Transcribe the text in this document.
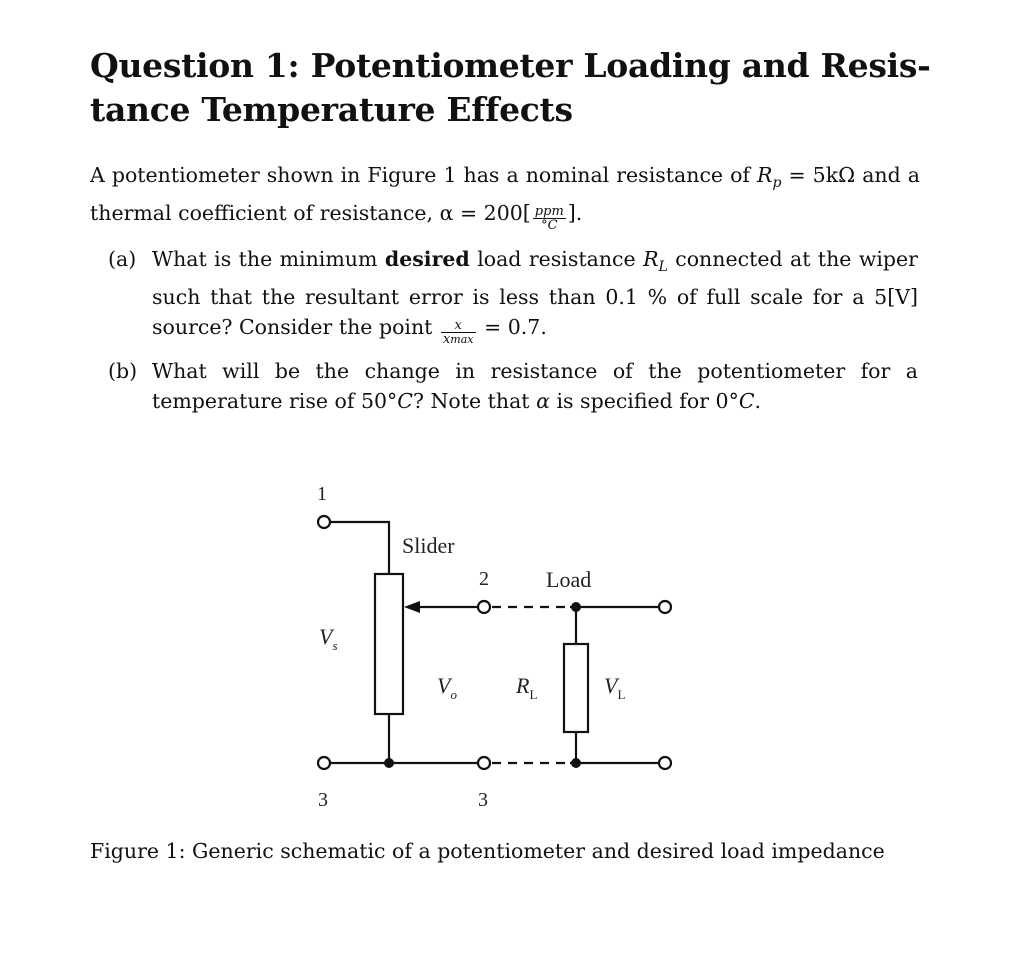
Question 1: Potentiometer Loading and Resis- tance Temperature Effects
A potentiometer shown in Figure 1 has a nominal resistance of $R_p = 5k\Omega$ and a thermal coefficient of resistance, $\alpha = 200[ \frac{\text{ppm}}{^\circ C}$ ].
(a) What is the minimum desired load resistance $R_L$ connected at the wiper such that the resultant error is less than 0.1 % of full scale for a 5[V] source? Consider the point $\frac{x}{xmax} = 0.7$.
(b) What will be the change in resistance of the potentiometer for a temperature rise of 50°C? Note that α is specified for 0°C.
1
Slider
2	Load
$V_s$
$V_o$	$R_L$	$V_L$
3	3
Figure 1: Generic schematic of a potentiometer and desired load impedance
